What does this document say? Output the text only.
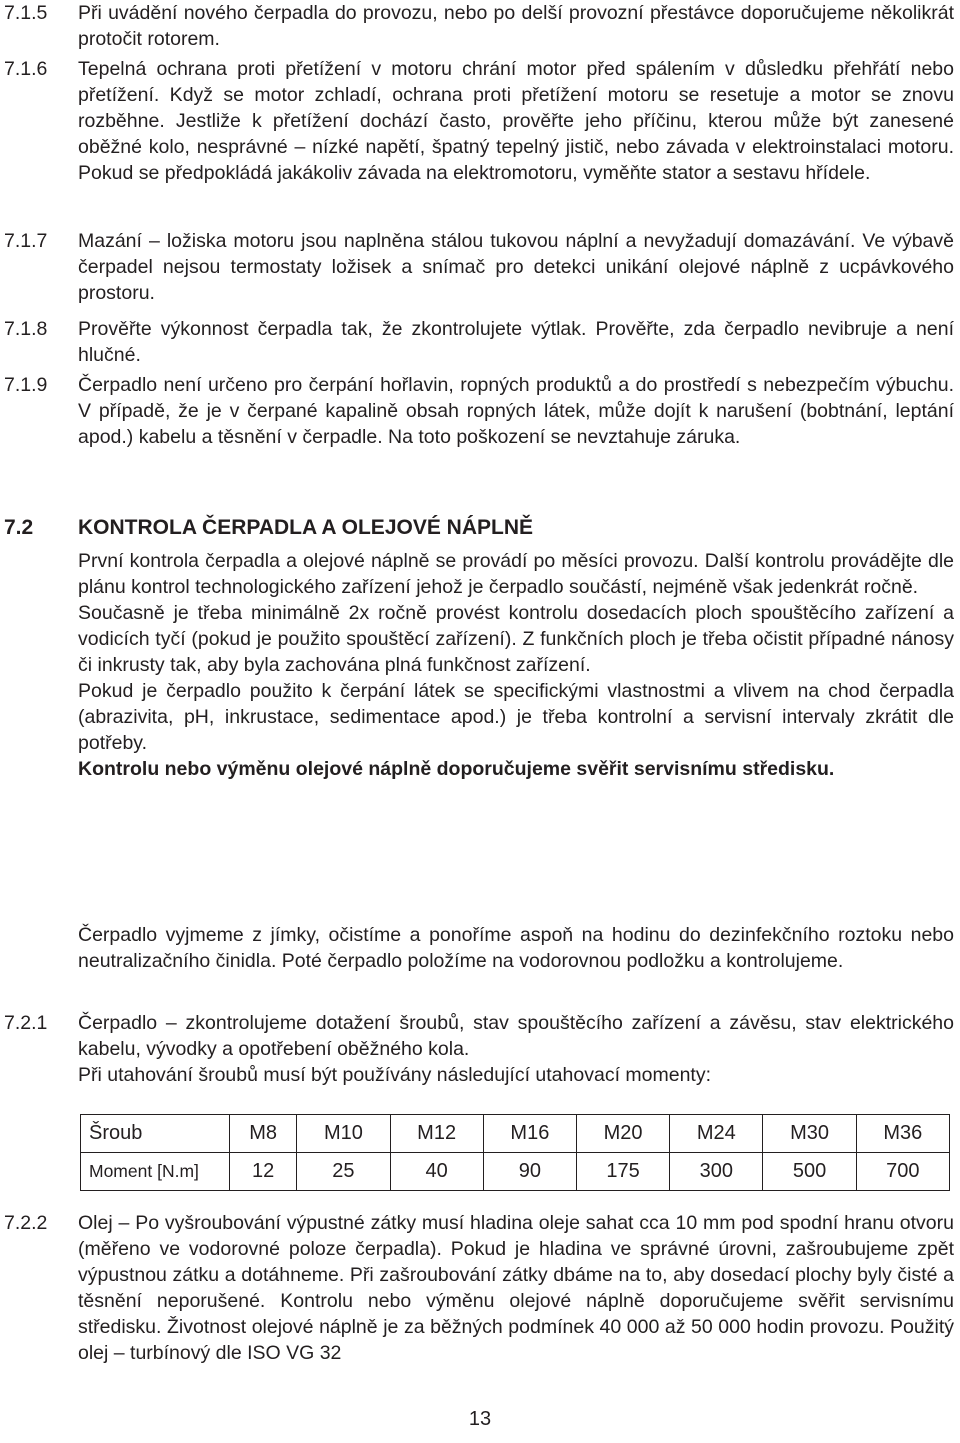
7.1.5 Při uvádění nového čerpadla do provozu, nebo po delší provozní přestávce doporučujeme několikrát protočit rotorem.

7.1.6 Tepelná ochrana proti přetížení v motoru chrání motor před spálením v důsledku přehřátí nebo přetížení. Když se motor zchladí, ochrana proti přetížení motoru se resetuje a motor se znovu rozběhne. Jestliže k přetížení dochází často, prověřte jeho příčinu, kterou může být zanesené oběžné kolo, nesprávné – nízké napětí, špatný tepelný jistič, nebo závada v elektroinstalaci motoru. Pokud se předpokládá jakákoliv závada na elektromotoru, vyměňte stator a sestavu hřídele.

7.1.7 Mazání – ložiska motoru jsou naplněna stálou tukovou náplní a nevyžadují domazávání. Ve výbavě čerpadel nejsou termostaty ložisek a snímač pro detekci unikání olejové náplně z ucpávkového prostoru.

7.1.8 Prověřte výkonnost čerpadla tak, že zkontrolujete výtlak. Prověřte, zda čerpadlo nevibruje a není hlučné.

7.1.9 Čerpadlo není určeno pro čerpání hořlavin, ropných produktů a do prostředí s nebezpečím výbuchu. V případě, že je v čerpané kapalině obsah ropných látek, může dojít k narušení (bobtnání, leptání apod.) kabelu a těsnění v čerpadle. Na toto poškození se nevztahuje záruka.

7.2 KONTROLA ČERPADLA A OLEJOVÉ NÁPLNĚ

První kontrola čerpadla a olejové náplně se provádí po měsíci provozu. Další kontrolu provádějte dle plánu kontrol technologického zařízení jehož je čerpadlo součástí, nejméně však jedenkrát ročně.

Současně je třeba minimálně 2x ročně provést kontrolu dosedacích ploch spouštěcího zařízení a vodicích tyčí (pokud je použito spouštěcí zařízení). Z funkčních ploch je třeba očistit případné nánosy či inkrusty tak, aby byla zachována plná funkčnost zařízení.

Pokud je čerpadlo použito k čerpání látek se specifickými vlastnostmi a vlivem na chod čerpadla (abrazivita, pH, inkrustace, sedimentace apod.) je třeba kontrolní a servisní intervaly zkrátit dle potřeby.

Kontrolu nebo výměnu olejové náplně doporučujeme svěřit servisnímu středisku.

Čerpadlo vyjmeme z jímky, očistíme a ponoříme aspoň na hodinu do dezinfekčního roztoku nebo neutralizačního činidla. Poté čerpadlo položíme na vodorovnou podložku a kontrolujeme.

7.2.1 Čerpadlo – zkontrolujeme dotažení šroubů, stav spouštěcího zařízení a závěsu, stav elektrického kabelu, vývodky a opotřebení oběžného kola.

Při utahování šroubů musí být používány následující utahovací momenty:

Šroub	M8	M10	M12	M16	M20	M24	M30	M36
Moment [N.m]	12	25	40	90	175	300	500	700
7.2.2 Olej – Po vyšroubování výpustné zátky musí hladina oleje sahat cca 10 mm pod spodní hranu otvoru (měřeno ve vodorovné poloze čerpadla). Pokud je hladina ve správné úrovni, zašroubujeme zpět výpustnou zátku a dotáhneme. Při zašroubování zátky dbáme na to, aby dosedací plochy byly čisté a těsnění neporušené. Kontrolu nebo výměnu olejové náplně doporučujeme svěřit servisnímu středisku. Životnost olejové náplně je za běžných podmínek 40 000 až 50 000 hodin provozu. Použitý olej – turbínový dle ISO VG 32

13
